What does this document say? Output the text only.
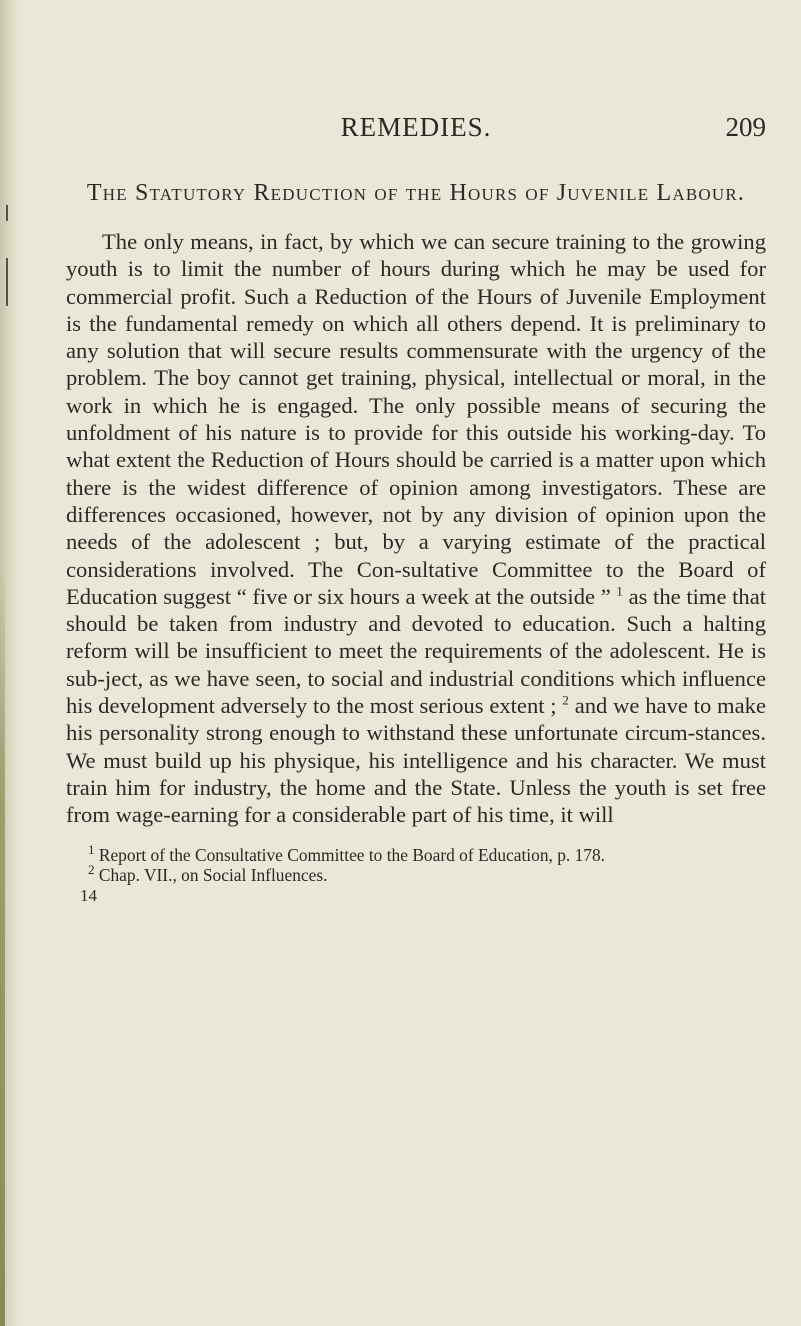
REMEDIES.	209
The Statutory Reduction of the Hours of Juvenile Labour.
The only means, in fact, by which we can secure training to the growing youth is to limit the number of hours during which he may be used for commercial profit. Such a Reduction of the Hours of Juvenile Employment is the fundamental remedy on which all others depend. It is preliminary to any solution that will secure results commensurate with the urgency of the problem. The boy cannot get training, physical, intellectual or moral, in the work in which he is engaged. The only possible means of securing the unfoldment of his nature is to provide for this outside his working-day. To what extent the Reduction of Hours should be carried is a matter upon which there is the widest difference of opinion among investigators. These are differences occasioned, however, not by any division of opinion upon the needs of the adolescent ; but, by a varying estimate of the practical considerations involved. The Con-sultative Committee to the Board of Education suggest “ five or six hours a week at the outside ” $^1$ as the time that should be taken from industry and devoted to education. Such a halting reform will be insufficient to meet the requirements of the adolescent. He is sub-ject, as we have seen, to social and industrial conditions which influence his development adversely to the most serious extent ; $^2$ and we have to make his personality strong enough to withstand these unfortunate circum-stances. We must build up his physique, his intelligence and his character. We must train him for industry, the home and the State. Unless the youth is set free from wage-earning for a considerable part of his time, it will
$^1$ Report of the Consultative Committee to the Board of Education, p. 178.
$^2$ Chap. VII., on Social Influences.
14
